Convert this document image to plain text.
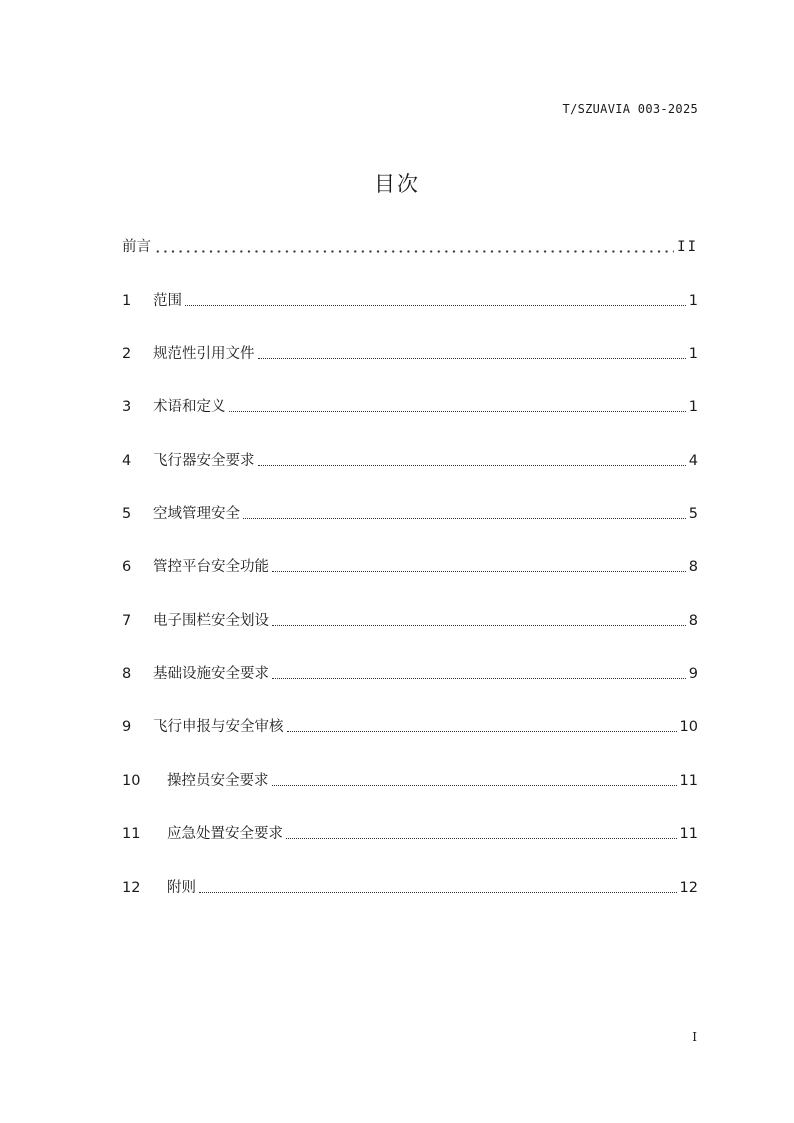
T/SZUAVIA 003-2025
目次
前言	II
1	范围	1
2	规范性引用文件	1
3	术语和定义	1
4	飞行器安全要求	4
5	空域管理安全	5
6	管控平台安全功能	8
7	电子围栏安全划设	8
8	基础设施安全要求	9
9	飞行申报与安全审核	10
10	操控员安全要求	11
11	应急处置安全要求	11
12	附则	12
I
